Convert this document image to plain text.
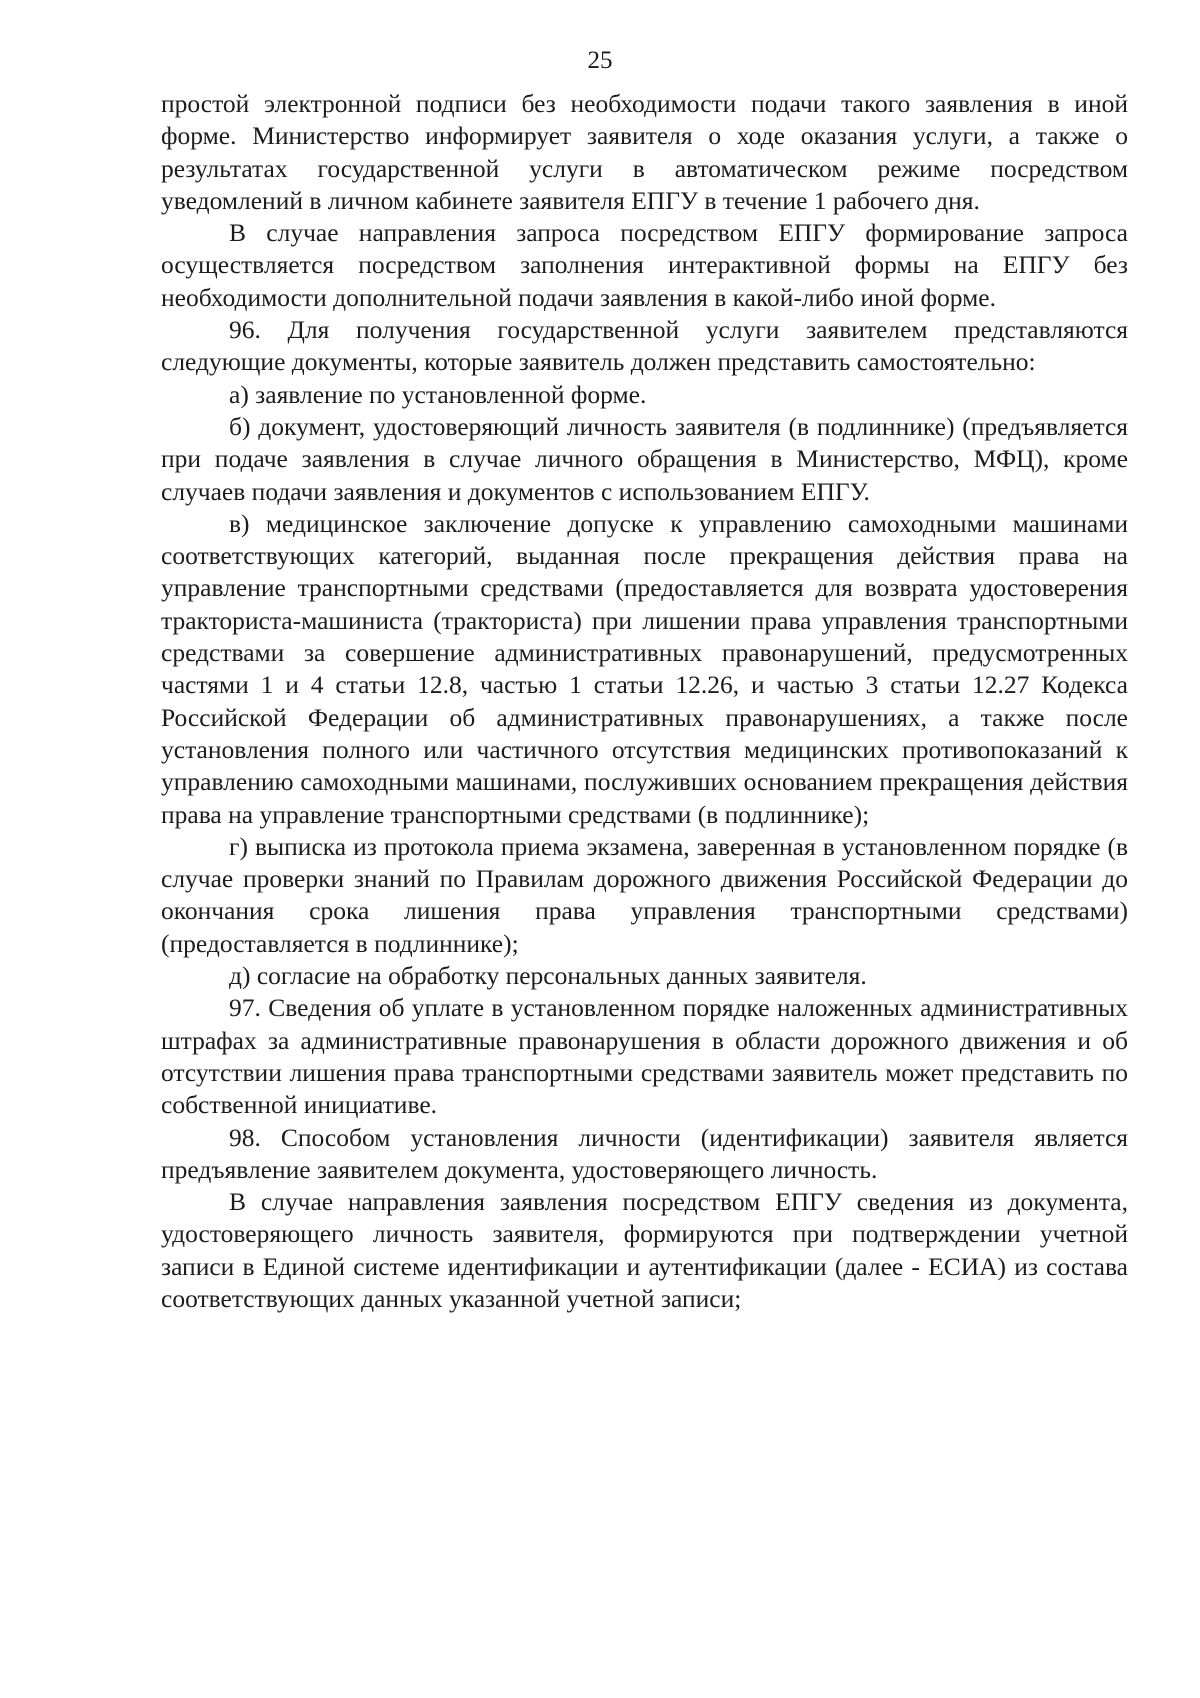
25

простой электронной подписи без необходимости подачи такого заявления в иной форме. Министерство информирует заявителя о ходе оказания услуги, а также о результатах государственной услуги в автоматическом режиме посредством уведомлений в личном кабинете заявителя ЕПГУ в течение 1 рабочего дня.

В случае направления запроса посредством ЕПГУ формирование запроса осуществляется посредством заполнения интерактивной формы на ЕПГУ без необходимости дополнительной подачи заявления в какой-либо иной форме.

96. Для получения государственной услуги заявителем представляются следующие документы, которые заявитель должен представить самостоятельно:

а) заявление по установленной форме.

б) документ, удостоверяющий личность заявителя (в подлиннике) (предъявляется при подаче заявления в случае личного обращения в Министерство, МФЦ), кроме случаев подачи заявления и документов с использованием ЕПГУ.

в) медицинское заключение допуске к управлению самоходными машинами соответствующих категорий, выданная после прекращения действия права на управление транспортными средствами (предоставляется для возврата удостоверения тракториста-машиниста (тракториста) при лишении права управления транспортными средствами за совершение административных правонарушений, предусмотренных частями 1 и 4 статьи 12.8, частью 1 статьи 12.26, и частью 3 статьи 12.27 Кодекса Российской Федерации об административных правонарушениях, а также после установления полного или частичного отсутствия медицинских противопоказаний к управлению самоходными машинами, послуживших основанием прекращения действия права на управление транспортными средствами (в подлиннике);

г) выписка из протокола приема экзамена, заверенная в установленном порядке (в случае проверки знаний по Правилам дорожного движения Российской Федерации до окончания срока лишения права управления транспортными средствами) (предоставляется в подлиннике);

д) согласие на обработку персональных данных заявителя.

97. Сведения об уплате в установленном порядке наложенных административных штрафах за административные правонарушения в области дорожного движения и об отсутствии лишения права транспортными средствами заявитель может представить по собственной инициативе.

98. Способом установления личности (идентификации) заявителя является предъявление заявителем документа, удостоверяющего личность.

В случае направления заявления посредством ЕПГУ сведения из документа, удостоверяющего личность заявителя, формируются при подтверждении учетной записи в Единой системе идентификации и аутентификации (далее - ЕСИА) из состава соответствующих данных указанной учетной записи;
